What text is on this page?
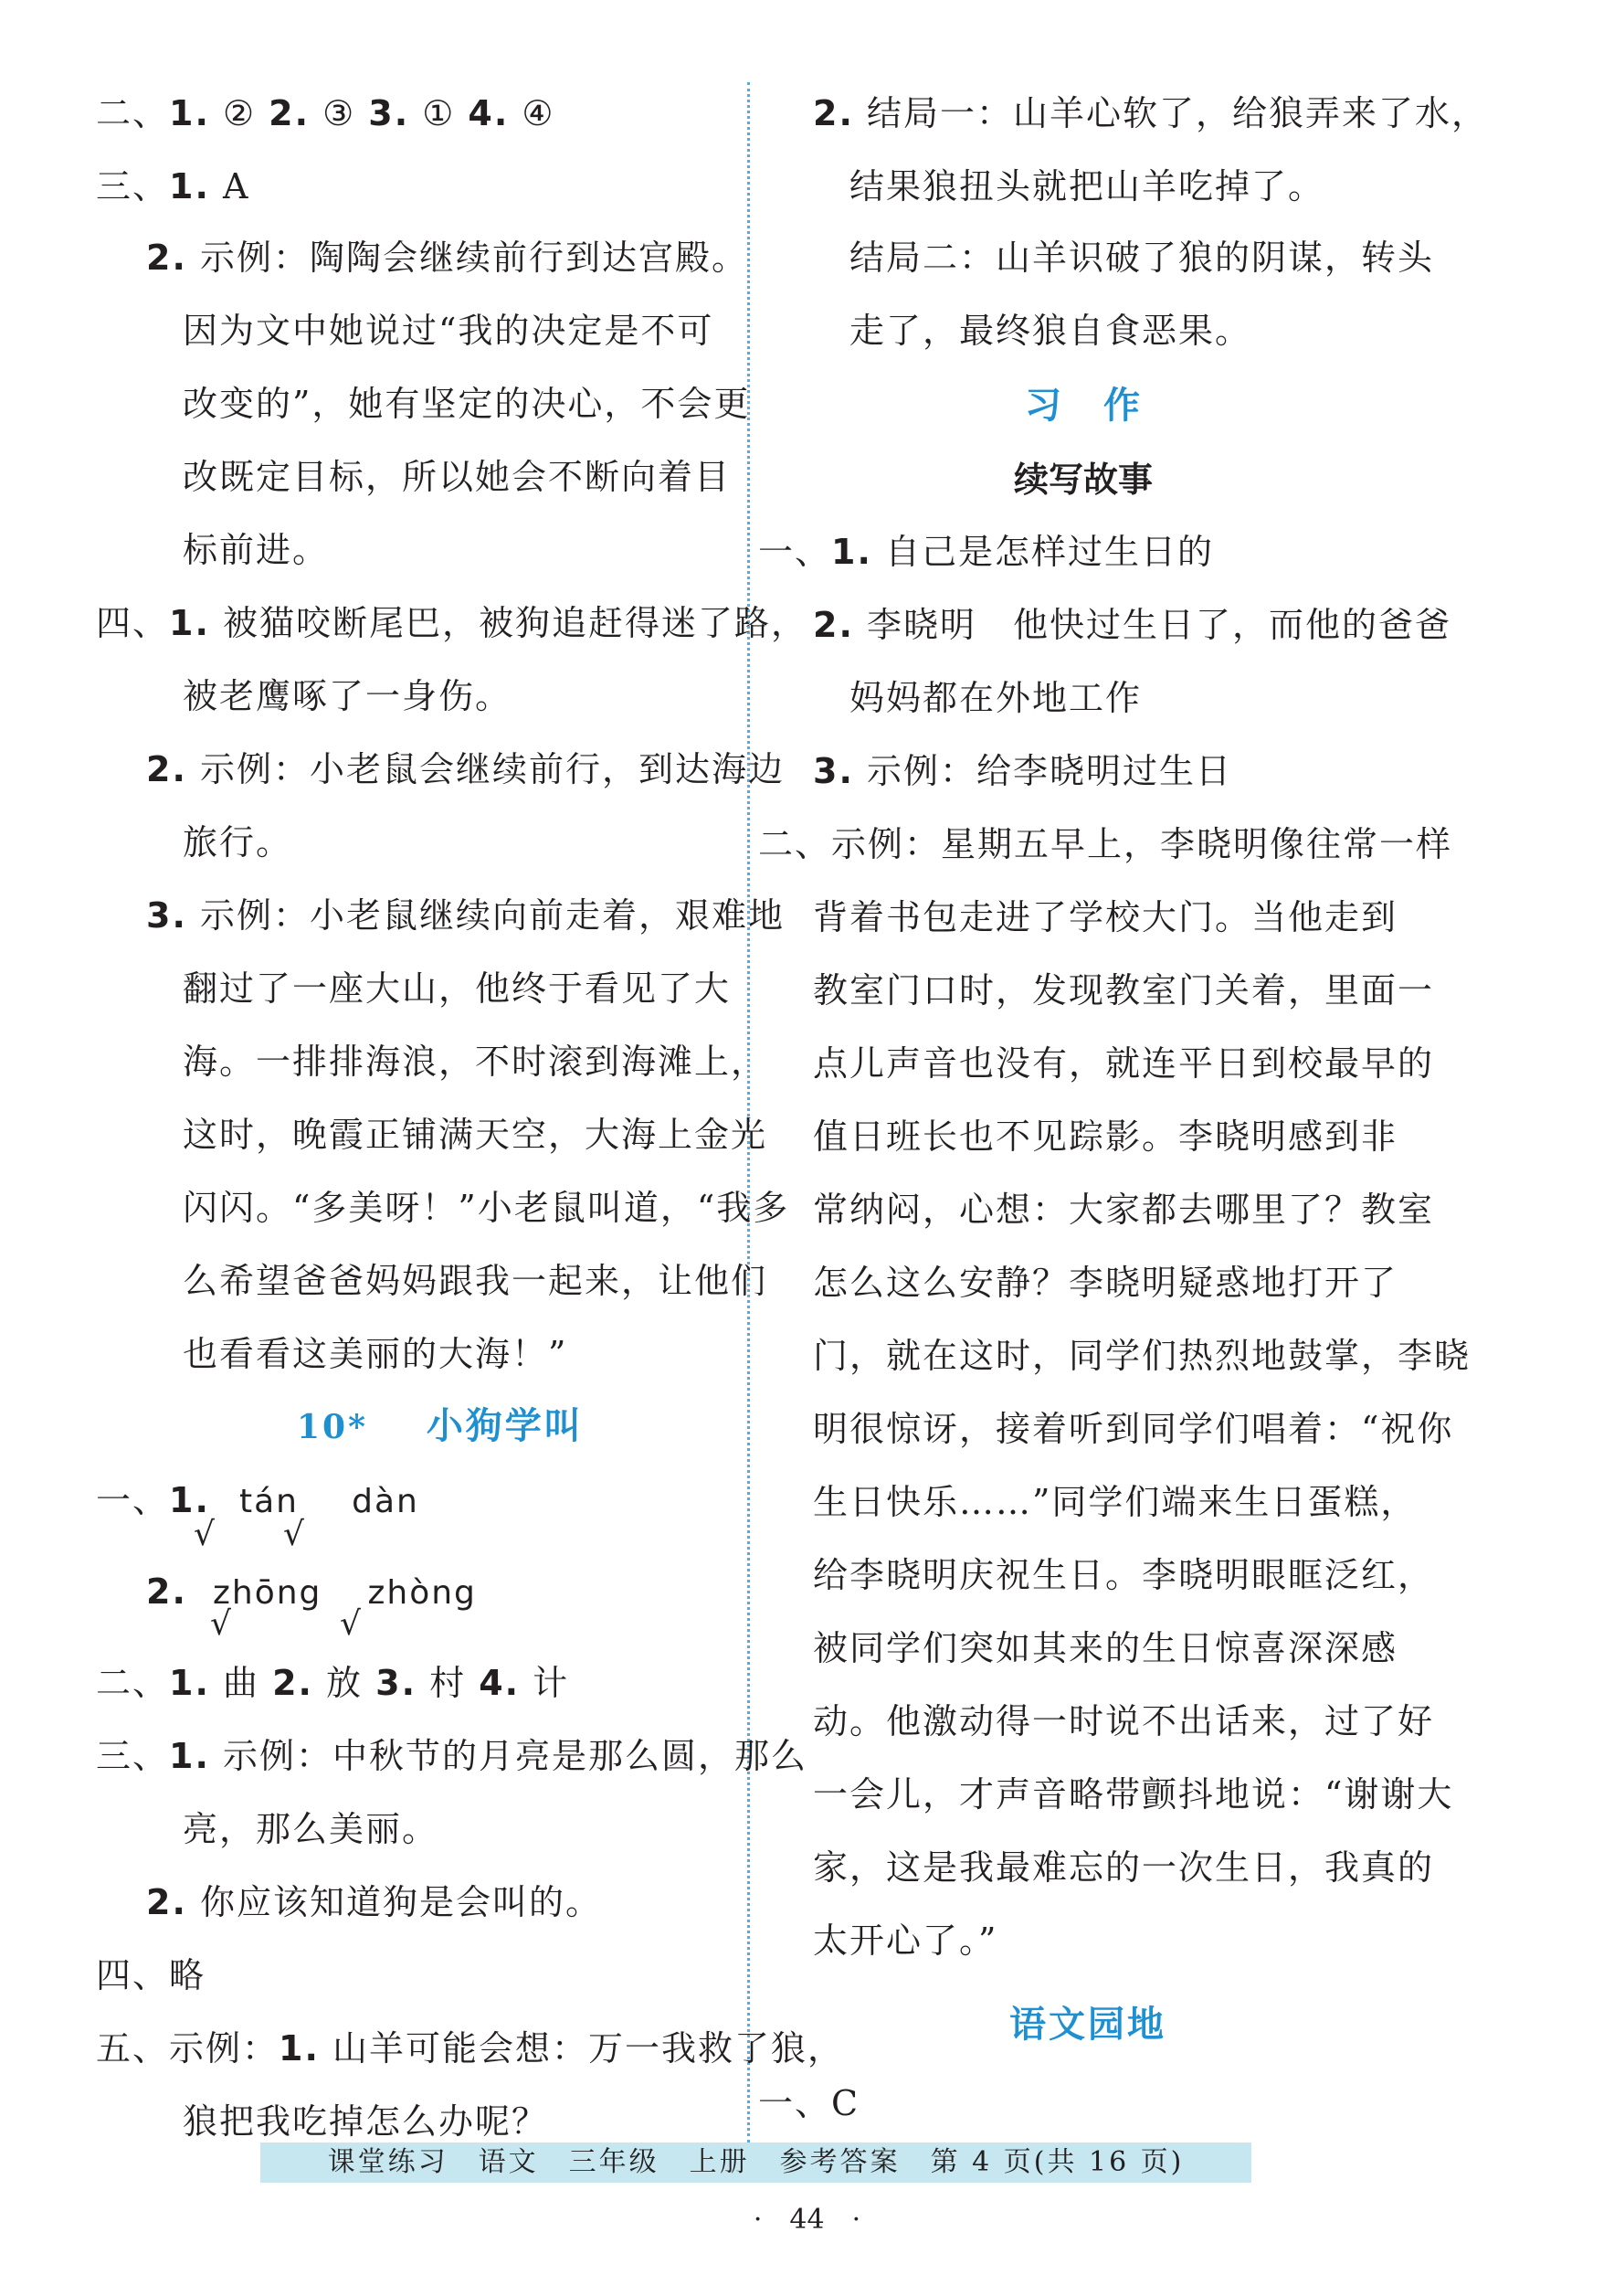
二、1. ② 2. ③ 3. ① 4. ④
三、1. A
2. 示例：陶陶会继续前行到达宫殿。
因为文中她说过“我的决定是不可
改变的”，她有坚定的决心，不会更
改既定目标，所以她会不断向着目
标前进。
四、1. 被猫咬断尾巴，被狗追赶得迷了路，
被老鹰啄了一身伤。
2. 示例：小老鼠会继续前行，到达海边
旅行。
3. 示例：小老鼠继续向前走着，艰难地
翻过了一座大山，他终于看见了大
海。一排排海浪，不时滚到海滩上，
这时，晚霞正铺满天空，大海上金光
闪闪。“多美呀！”小老鼠叫道，“我多
么希望爸爸妈妈跟我一起来，让他们
也看看这美丽的大海！”
10* 小狗学叫
一、1. tán dàn
√ √
2. zhōng zhòng
√	√
二、1. 曲 2. 放 3. 村 4. 计
三、1. 示例：中秋节的月亮是那么圆，那么
亮，那么美丽。
2. 你应该知道狗是会叫的。
四、略
五、示例：1. 山羊可能会想：万一我救了狼，
狼把我吃掉怎么办呢？
2. 结局一：山羊心软了，给狼弄来了水，
结果狼扭头就把山羊吃掉了。
结局二：山羊识破了狼的阴谋，转头
走了，最终狼自食恶果。
习　作
续写故事
一、1. 自己是怎样过生日的
2. 李晓明　他快过生日了，而他的爸爸
妈妈都在外地工作
3. 示例：给李晓明过生日
二、示例：星期五早上，李晓明像往常一样
背着书包走进了学校大门。当他走到
教室门口时，发现教室门关着，里面一
点儿声音也没有，就连平日到校最早的
值日班长也不见踪影。李晓明感到非
常纳闷，心想：大家都去哪里了？教室
怎么这么安静？李晓明疑惑地打开了
门，就在这时，同学们热烈地鼓掌，李晓
明很惊讶，接着听到同学们唱着：“祝你
生日快乐……”同学们端来生日蛋糕，
给李晓明庆祝生日。李晓明眼眶泛红，
被同学们突如其来的生日惊喜深深感
动。他激动得一时说不出话来，过了好
一会儿，才声音略带颤抖地说：“谢谢大
家，这是我最难忘的一次生日，我真的
太开心了。”
语文园地
一、C
课堂练习　语文　三年级　上册　参考答案　第 4 页(共 16 页)
·　44　·
